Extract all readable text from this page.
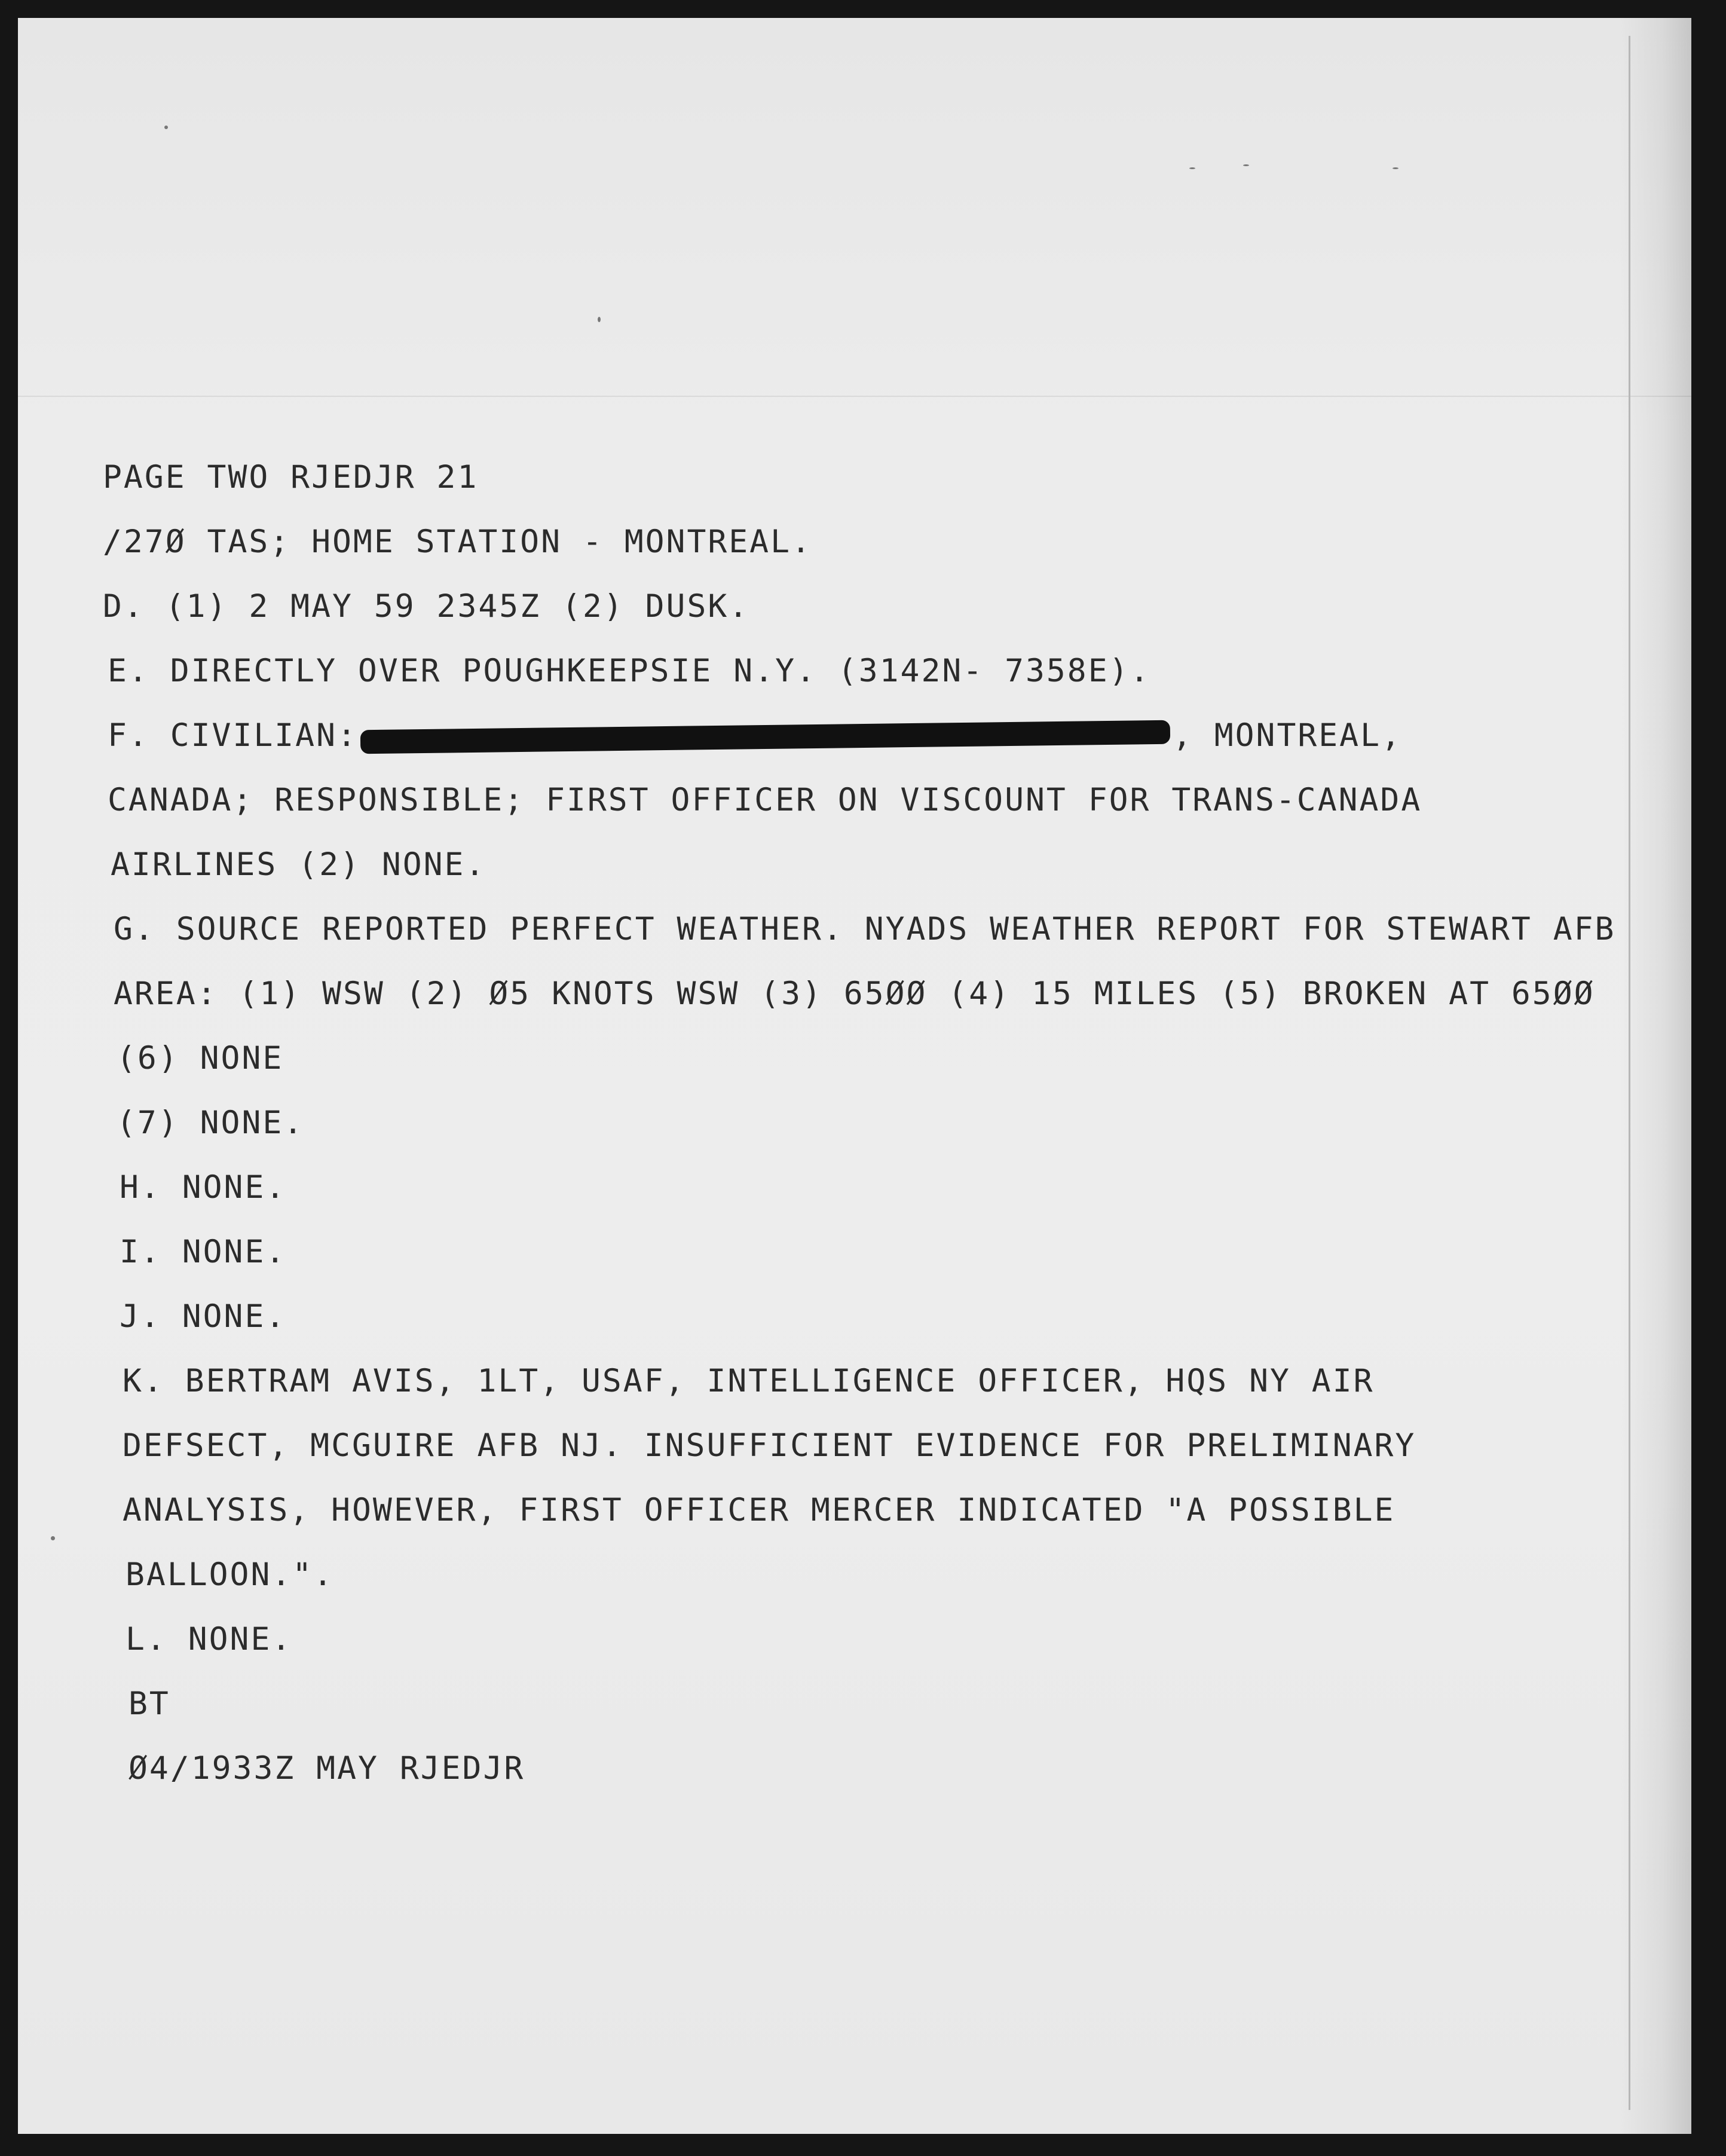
PAGE TWO RJEDJR 21
/27Ø TAS; HOME STATION - MONTREAL.
D. (1) 2 MAY 59 2345Z (2) DUSK.
E. DIRECTLY OVER POUGHKEEPSIE N.Y. (3142N- 7358E).
F. CIVILIAN:	, MONTREAL,
CANADA; RESPONSIBLE; FIRST OFFICER ON VISCOUNT FOR TRANS-CANADA
AIRLINES (2) NONE.
G. SOURCE REPORTED PERFECT WEATHER. NYADS WEATHER REPORT FOR STEWART AFB
AREA: (1) WSW (2) Ø5 KNOTS WSW (3) 65ØØ (4) 15 MILES (5) BROKEN AT 65ØØ
(6) NONE
(7) NONE.
H. NONE.
I. NONE.
J. NONE.
K. BERTRAM AVIS, 1LT, USAF, INTELLIGENCE OFFICER, HQS NY AIR
DEFSECT, MCGUIRE AFB NJ. INSUFFICIENT EVIDENCE FOR PRELIMINARY
ANALYSIS, HOWEVER, FIRST OFFICER MERCER INDICATED "A POSSIBLE
BALLOON.".
L. NONE.
BT
Ø4/1933Z MAY RJEDJR
